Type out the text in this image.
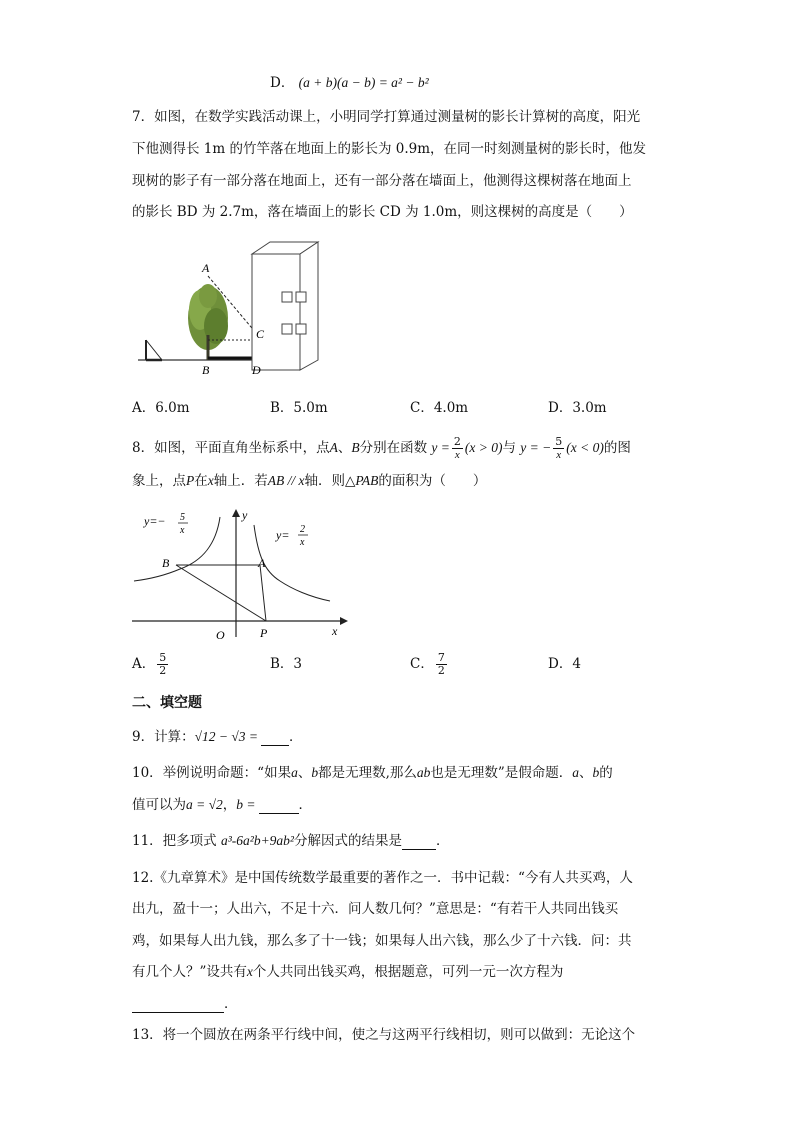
D． (a + b)(a − b) = a² − b²
7．如图，在数学实践活动课上，小明同学打算通过测量树的影长计算树的高度，阳光
下他测得长 1m 的竹竿落在地面上的影长为 0.9m，在同一时刻测量树的影长时，他发
现树的影子有一部分落在地面上，还有一部分落在墙面上，他测得这棵树落在地面上
的影长 BD 为 2.7m，落在墙面上的影长 CD 为 1.0m，则这棵树的高度是（　　）
A
B
C
D
A．6.0m	B．5.0m	C．4.0m	D．3.0m
8．如图，平面直角坐标系中，点A、B分别在函数 $y = \frac{2}{x} (x > 0)$与 y = − $\frac{5}{x} (x < 0)$的图
象上，点P在x轴上．若AB // x轴．则△PAB的面积为（　　）
y=− 5
x	y= 2
x
y
x
O
B	A
P
A． $\frac{5}{2}$	B．3	C． $\frac{7}{2}$	D．4
二、填空题
9．计算：√12 − √3 = ．
10．举例说明命题：“如果a、b都是无理数,那么ab也是无理数”是假命题．a、b的
值可以为a = √2，b =	．
11．把多项式 a³-6a²b+9ab²分解因式的结果是	．
12.《九章算术》是中国传统数学最重要的著作之一．书中记载：“今有人共买鸡，人
出九，盈十一；人出六，不足十六．问人数几何？”意思是：“有若干人共同出钱买
鸡，如果每人出九钱，那么多了十一钱；如果每人出六钱，那么少了十六钱．问：共
有几个人？”设共有x个人共同出钱买鸡，根据题意，可列一元一次方程为
．
13．将一个圆放在两条平行线中间，使之与这两平行线相切，则可以做到：无论这个
